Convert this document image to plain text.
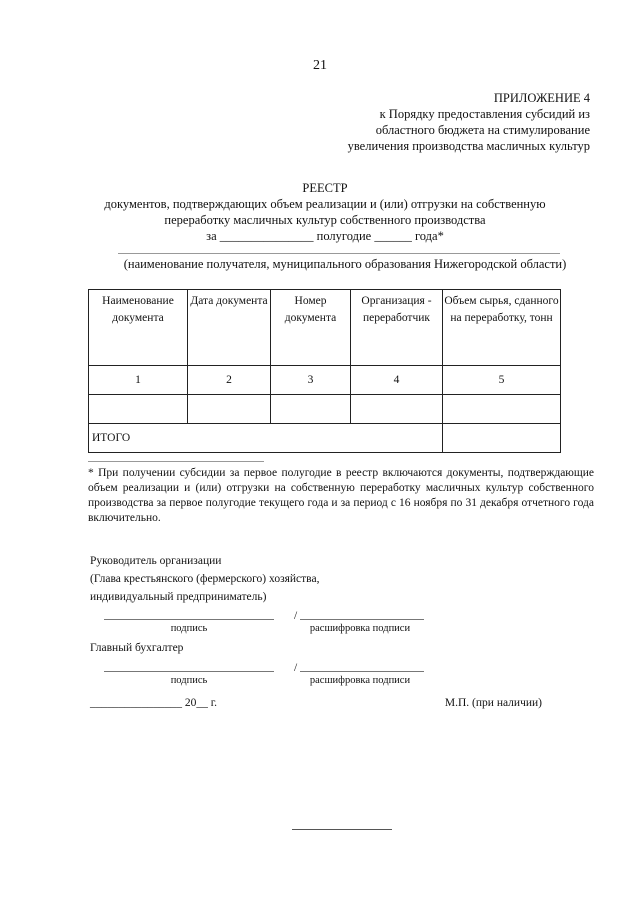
21
ПРИЛОЖЕНИЕ 4
к Порядку предоставления субсидий из
областного бюджета на стимулирование
увеличения производства масличных культур
РЕЕСТР
документов, подтверждающих объем реализации и (или) отгрузки на собственную
переработку масличных культур собственного производства
за _______________ полугодие ______ года*
(наименование получателя, муниципального образования Нижегородской области)
Наименование документа	Дата документа	Номер документа	Организация - переработчик	Объем сырья, сданного на переработку, тонн
1	2	3	4	5

ИТОГО				
* При получении субсидии за первое полугодие в реестр включаются документы, подтверждающие объем реализации и (или) отгрузки на собственную переработку масличных культур собственного производства за первое полугодие текущего года и за период с 16 ноября по 31 декабря отчетного года включительно.
Руководитель организации
(Глава крестьянского (фермерского) хозяйства,
индивидуальный предприниматель)
/
подпись	расшифровка подписи
Главный бухгалтер
/
подпись	расшифровка подписи
________________ 20__ г.	М.П. (при наличии)
